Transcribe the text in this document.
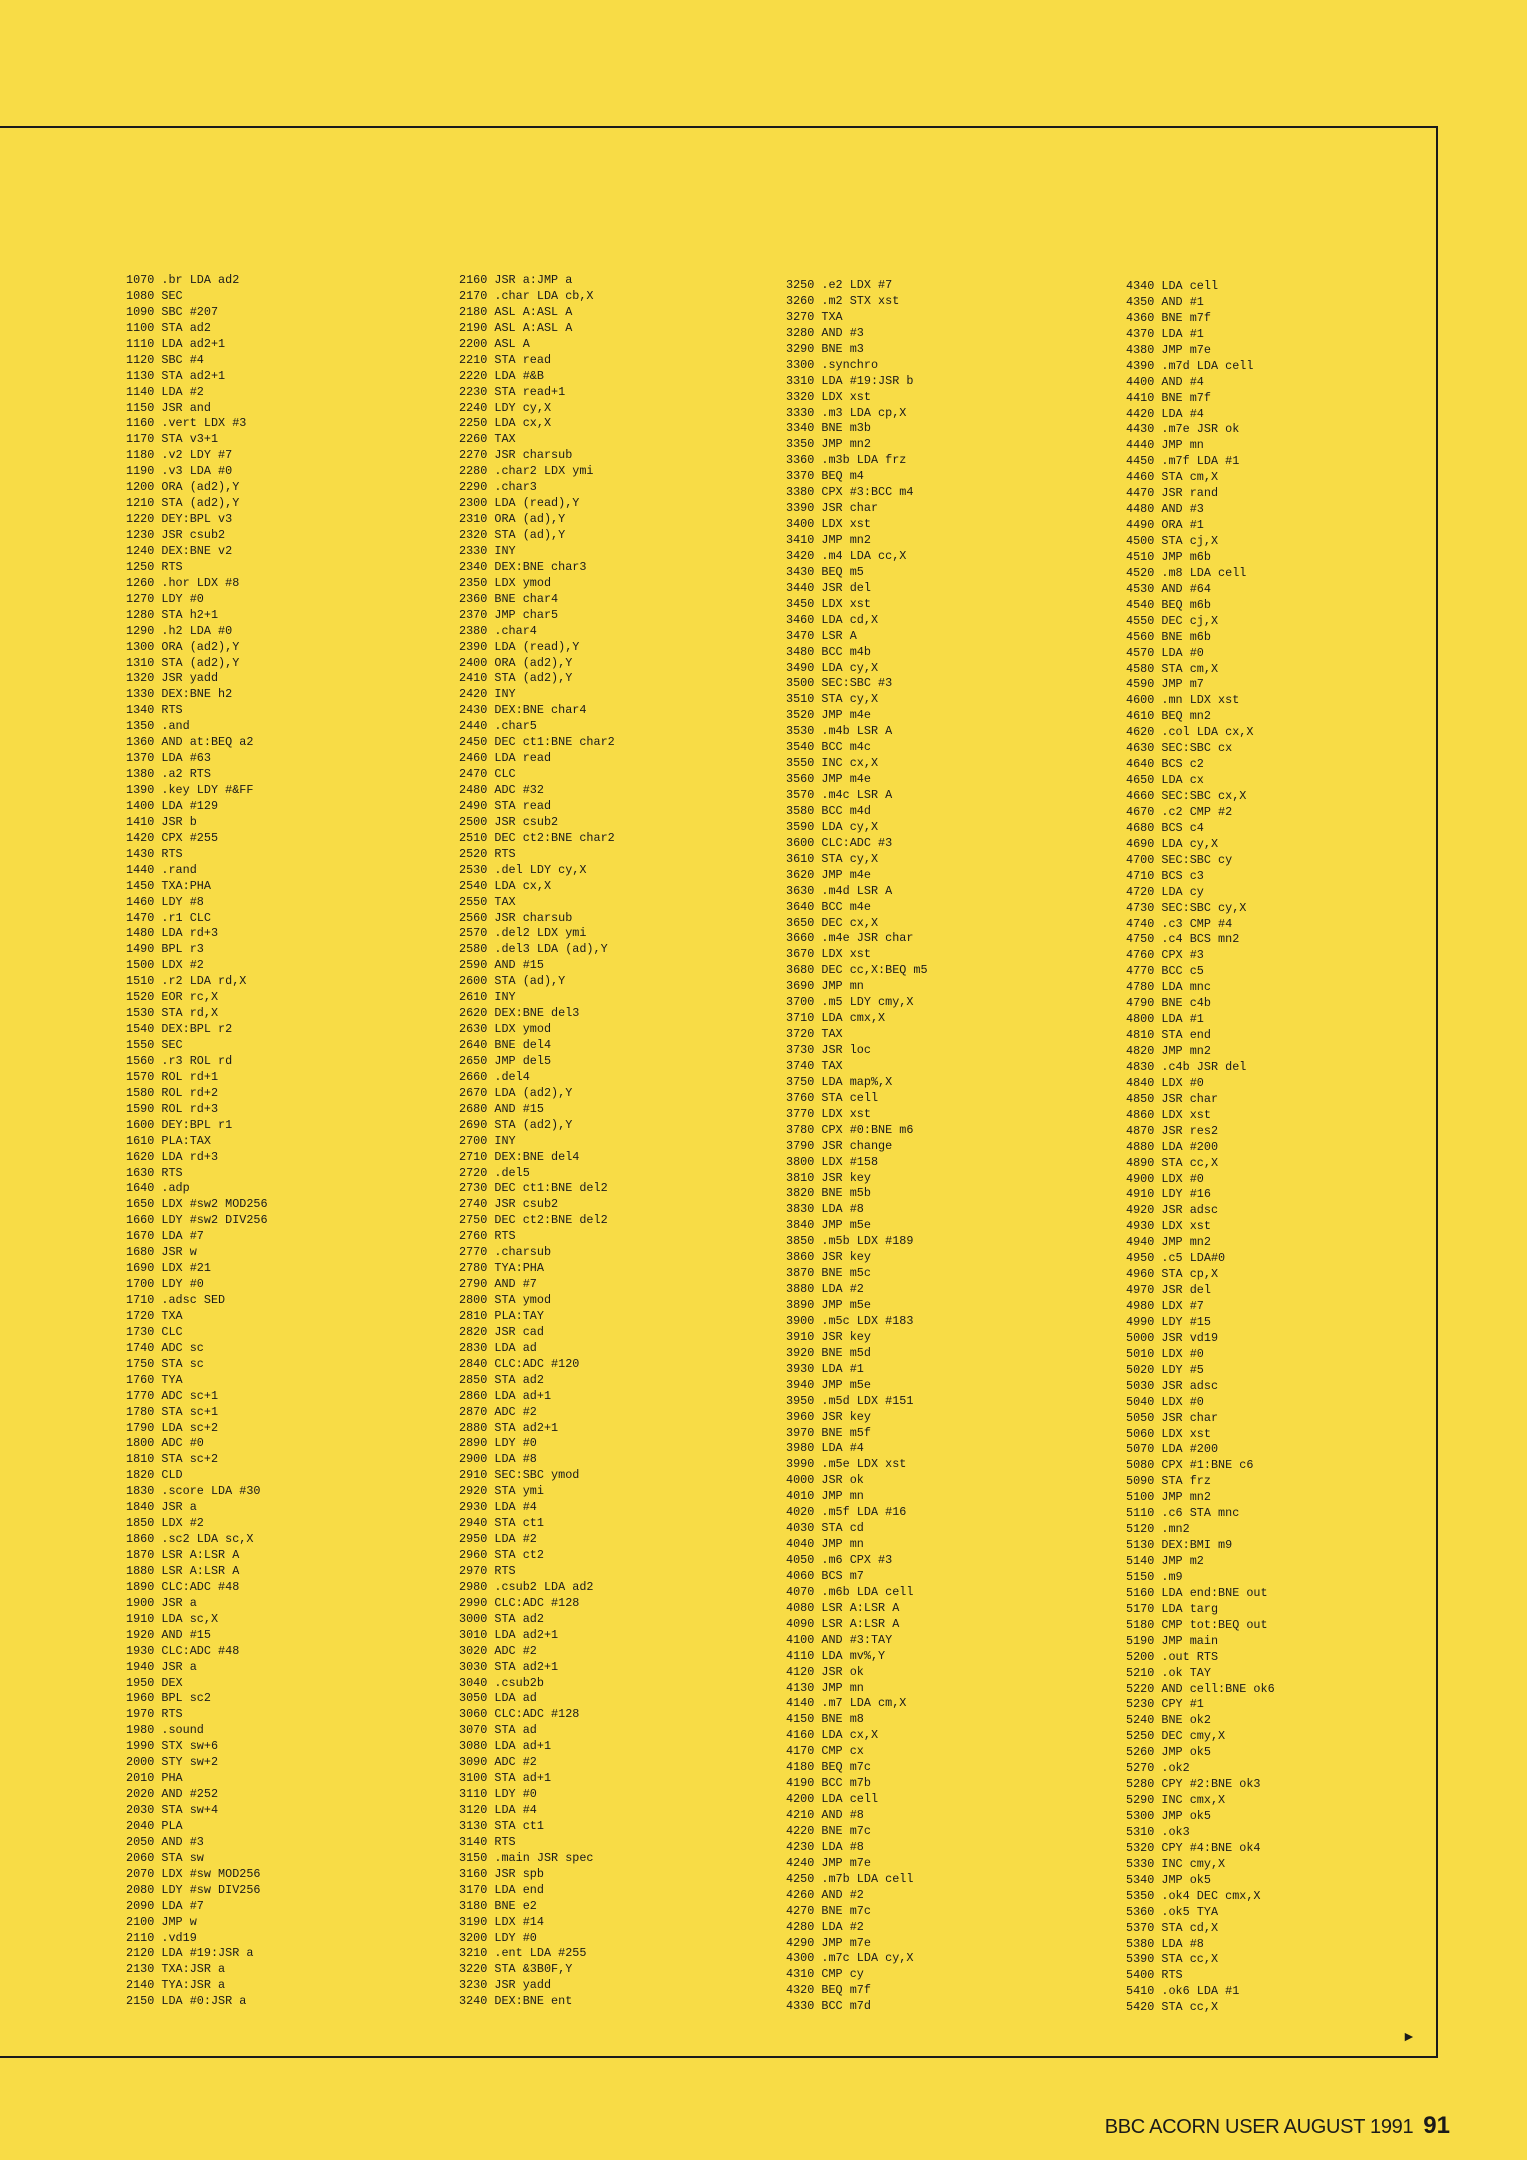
►
1070 .br LDA ad2
1080 SEC
1090 SBC #207
1100 STA ad2
1110 LDA ad2+1
1120 SBC #4
1130 STA ad2+1
1140 LDA #2
1150 JSR and
1160 .vert LDX #3
1170 STA v3+1
1180 .v2 LDY #7
1190 .v3 LDA #0
1200 ORA (ad2),Y
1210 STA (ad2),Y
1220 DEY:BPL v3
1230 JSR csub2
1240 DEX:BNE v2
1250 RTS
1260 .hor LDX #8
1270 LDY #0
1280 STA h2+1
1290 .h2 LDA #0
1300 ORA (ad2),Y
1310 STA (ad2),Y
1320 JSR yadd
1330 DEX:BNE h2
1340 RTS
1350 .and
1360 AND at:BEQ a2
1370 LDA #63
1380 .a2 RTS
1390 .key LDY #&FF
1400 LDA #129
1410 JSR b
1420 CPX #255
1430 RTS
1440 .rand
1450 TXA:PHA
1460 LDY #8
1470 .r1 CLC
1480 LDA rd+3
1490 BPL r3
1500 LDX #2
1510 .r2 LDA rd,X
1520 EOR rc,X
1530 STA rd,X
1540 DEX:BPL r2
1550 SEC
1560 .r3 ROL rd
1570 ROL rd+1
1580 ROL rd+2
1590 ROL rd+3
1600 DEY:BPL r1
1610 PLA:TAX
1620 LDA rd+3
1630 RTS
1640 .adp
1650 LDX #sw2 MOD256
1660 LDY #sw2 DIV256
1670 LDA #7
1680 JSR w
1690 LDX #21
1700 LDY #0
1710 .adsc SED
1720 TXA
1730 CLC
1740 ADC sc
1750 STA sc
1760 TYA
1770 ADC sc+1
1780 STA sc+1
1790 LDA sc+2
1800 ADC #0
1810 STA sc+2
1820 CLD
1830 .score LDA #30
1840 JSR a
1850 LDX #2
1860 .sc2 LDA sc,X
1870 LSR A:LSR A
1880 LSR A:LSR A
1890 CLC:ADC #48
1900 JSR a
1910 LDA sc,X
1920 AND #15
1930 CLC:ADC #48
1940 JSR a
1950 DEX
1960 BPL sc2
1970 RTS
1980 .sound
1990 STX sw+6
2000 STY sw+2
2010 PHA
2020 AND #252
2030 STA sw+4
2040 PLA
2050 AND #3
2060 STA sw
2070 LDX #sw MOD256
2080 LDY #sw DIV256
2090 LDA #7
2100 JMP w
2110 .vd19
2120 LDA #19:JSR a
2130 TXA:JSR a
2140 TYA:JSR a
2150 LDA #0:JSR a
2160 JSR a:JMP a
2170 .char LDA cb,X
2180 ASL A:ASL A
2190 ASL A:ASL A
2200 ASL A
2210 STA read
2220 LDA #&B
2230 STA read+1
2240 LDY cy,X
2250 LDA cx,X
2260 TAX
2270 JSR charsub
2280 .char2 LDX ymi
2290 .char3
2300 LDA (read),Y
2310 ORA (ad),Y
2320 STA (ad),Y
2330 INY
2340 DEX:BNE char3
2350 LDX ymod
2360 BNE char4
2370 JMP char5
2380 .char4
2390 LDA (read),Y
2400 ORA (ad2),Y
2410 STA (ad2),Y
2420 INY
2430 DEX:BNE char4
2440 .char5
2450 DEC ct1:BNE char2
2460 LDA read
2470 CLC
2480 ADC #32
2490 STA read
2500 JSR csub2
2510 DEC ct2:BNE char2
2520 RTS
2530 .del LDY cy,X
2540 LDA cx,X
2550 TAX
2560 JSR charsub
2570 .del2 LDX ymi
2580 .del3 LDA (ad),Y
2590 AND #15
2600 STA (ad),Y
2610 INY
2620 DEX:BNE del3
2630 LDX ymod
2640 BNE del4
2650 JMP del5
2660 .del4
2670 LDA (ad2),Y
2680 AND #15
2690 STA (ad2),Y
2700 INY
2710 DEX:BNE del4
2720 .del5
2730 DEC ct1:BNE del2
2740 JSR csub2
2750 DEC ct2:BNE del2
2760 RTS
2770 .charsub
2780 TYA:PHA
2790 AND #7
2800 STA ymod
2810 PLA:TAY
2820 JSR cad
2830 LDA ad
2840 CLC:ADC #120
2850 STA ad2
2860 LDA ad+1
2870 ADC #2
2880 STA ad2+1
2890 LDY #0
2900 LDA #8
2910 SEC:SBC ymod
2920 STA ymi
2930 LDA #4
2940 STA ct1
2950 LDA #2
2960 STA ct2
2970 RTS
2980 .csub2 LDA ad2
2990 CLC:ADC #128
3000 STA ad2
3010 LDA ad2+1
3020 ADC #2
3030 STA ad2+1
3040 .csub2b
3050 LDA ad
3060 CLC:ADC #128
3070 STA ad
3080 LDA ad+1
3090 ADC #2
3100 STA ad+1
3110 LDY #0
3120 LDA #4
3130 STA ct1
3140 RTS
3150 .main JSR spec
3160 JSR spb
3170 LDA end
3180 BNE e2
3190 LDX #14
3200 LDY #0
3210 .ent LDA #255
3220 STA &3B0F,Y
3230 JSR yadd
3240 DEX:BNE ent
3250 .e2 LDX #7
3260 .m2 STX xst
3270 TXA
3280 AND #3
3290 BNE m3
3300 .synchro
3310 LDA #19:JSR b
3320 LDX xst
3330 .m3 LDA cp,X
3340 BNE m3b
3350 JMP mn2
3360 .m3b LDA frz
3370 BEQ m4
3380 CPX #3:BCC m4
3390 JSR char
3400 LDX xst
3410 JMP mn2
3420 .m4 LDA cc,X
3430 BEQ m5
3440 JSR del
3450 LDX xst
3460 LDA cd,X
3470 LSR A
3480 BCC m4b
3490 LDA cy,X
3500 SEC:SBC #3
3510 STA cy,X
3520 JMP m4e
3530 .m4b LSR A
3540 BCC m4c
3550 INC cx,X
3560 JMP m4e
3570 .m4c LSR A
3580 BCC m4d
3590 LDA cy,X
3600 CLC:ADC #3
3610 STA cy,X
3620 JMP m4e
3630 .m4d LSR A
3640 BCC m4e
3650 DEC cx,X
3660 .m4e JSR char
3670 LDX xst
3680 DEC cc,X:BEQ m5
3690 JMP mn
3700 .m5 LDY cmy,X
3710 LDA cmx,X
3720 TAX
3730 JSR loc
3740 TAX
3750 LDA map%,X
3760 STA cell
3770 LDX xst
3780 CPX #0:BNE m6
3790 JSR change
3800 LDX #158
3810 JSR key
3820 BNE m5b
3830 LDA #8
3840 JMP m5e
3850 .m5b LDX #189
3860 JSR key
3870 BNE m5c
3880 LDA #2
3890 JMP m5e
3900 .m5c LDX #183
3910 JSR key
3920 BNE m5d
3930 LDA #1
3940 JMP m5e
3950 .m5d LDX #151
3960 JSR key
3970 BNE m5f
3980 LDA #4
3990 .m5e LDX xst
4000 JSR ok
4010 JMP mn
4020 .m5f LDA #16
4030 STA cd
4040 JMP mn
4050 .m6 CPX #3
4060 BCS m7
4070 .m6b LDA cell
4080 LSR A:LSR A
4090 LSR A:LSR A
4100 AND #3:TAY
4110 LDA mv%,Y
4120 JSR ok
4130 JMP mn
4140 .m7 LDA cm,X
4150 BNE m8
4160 LDA cx,X
4170 CMP cx
4180 BEQ m7c
4190 BCC m7b
4200 LDA cell
4210 AND #8
4220 BNE m7c
4230 LDA #8
4240 JMP m7e
4250 .m7b LDA cell
4260 AND #2
4270 BNE m7c
4280 LDA #2
4290 JMP m7e
4300 .m7c LDA cy,X
4310 CMP cy
4320 BEQ m7f
4330 BCC m7d
4340 LDA cell
4350 AND #1
4360 BNE m7f
4370 LDA #1
4380 JMP m7e
4390 .m7d LDA cell
4400 AND #4
4410 BNE m7f
4420 LDA #4
4430 .m7e JSR ok
4440 JMP mn
4450 .m7f LDA #1
4460 STA cm,X
4470 JSR rand
4480 AND #3
4490 ORA #1
4500 STA cj,X
4510 JMP m6b
4520 .m8 LDA cell
4530 AND #64
4540 BEQ m6b
4550 DEC cj,X
4560 BNE m6b
4570 LDA #0
4580 STA cm,X
4590 JMP m7
4600 .mn LDX xst
4610 BEQ mn2
4620 .col LDA cx,X
4630 SEC:SBC cx
4640 BCS c2
4650 LDA cx
4660 SEC:SBC cx,X
4670 .c2 CMP #2
4680 BCS c4
4690 LDA cy,X
4700 SEC:SBC cy
4710 BCS c3
4720 LDA cy
4730 SEC:SBC cy,X
4740 .c3 CMP #4
4750 .c4 BCS mn2
4760 CPX #3
4770 BCC c5
4780 LDA mnc
4790 BNE c4b
4800 LDA #1
4810 STA end
4820 JMP mn2
4830 .c4b JSR del
4840 LDX #0
4850 JSR char
4860 LDX xst
4870 JSR res2
4880 LDA #200
4890 STA cc,X
4900 LDX #0
4910 LDY #16
4920 JSR adsc
4930 LDX xst
4940 JMP mn2
4950 .c5 LDA#0
4960 STA cp,X
4970 JSR del
4980 LDX #7
4990 LDY #15
5000 JSR vd19
5010 LDX #0
5020 LDY #5
5030 JSR adsc
5040 LDX #0
5050 JSR char
5060 LDX xst
5070 LDA #200
5080 CPX #1:BNE c6
5090 STA frz
5100 JMP mn2
5110 .c6 STA mnc
5120 .mn2
5130 DEX:BMI m9
5140 JMP m2
5150 .m9
5160 LDA end:BNE out
5170 LDA targ
5180 CMP tot:BEQ out
5190 JMP main
5200 .out RTS
5210 .ok TAY
5220 AND cell:BNE ok6
5230 CPY #1
5240 BNE ok2
5250 DEC cmy,X
5260 JMP ok5
5270 .ok2
5280 CPY #2:BNE ok3
5290 INC cmx,X
5300 JMP ok5
5310 .ok3
5320 CPY #4:BNE ok4
5330 INC cmy,X
5340 JMP ok5
5350 .ok4 DEC cmx,X
5360 .ok5 TYA
5370 STA cd,X
5380 LDA #8
5390 STA cc,X
5400 RTS
5410 .ok6 LDA #1
5420 STA cc,X
BBC ACORN USER AUGUST 1991 91
